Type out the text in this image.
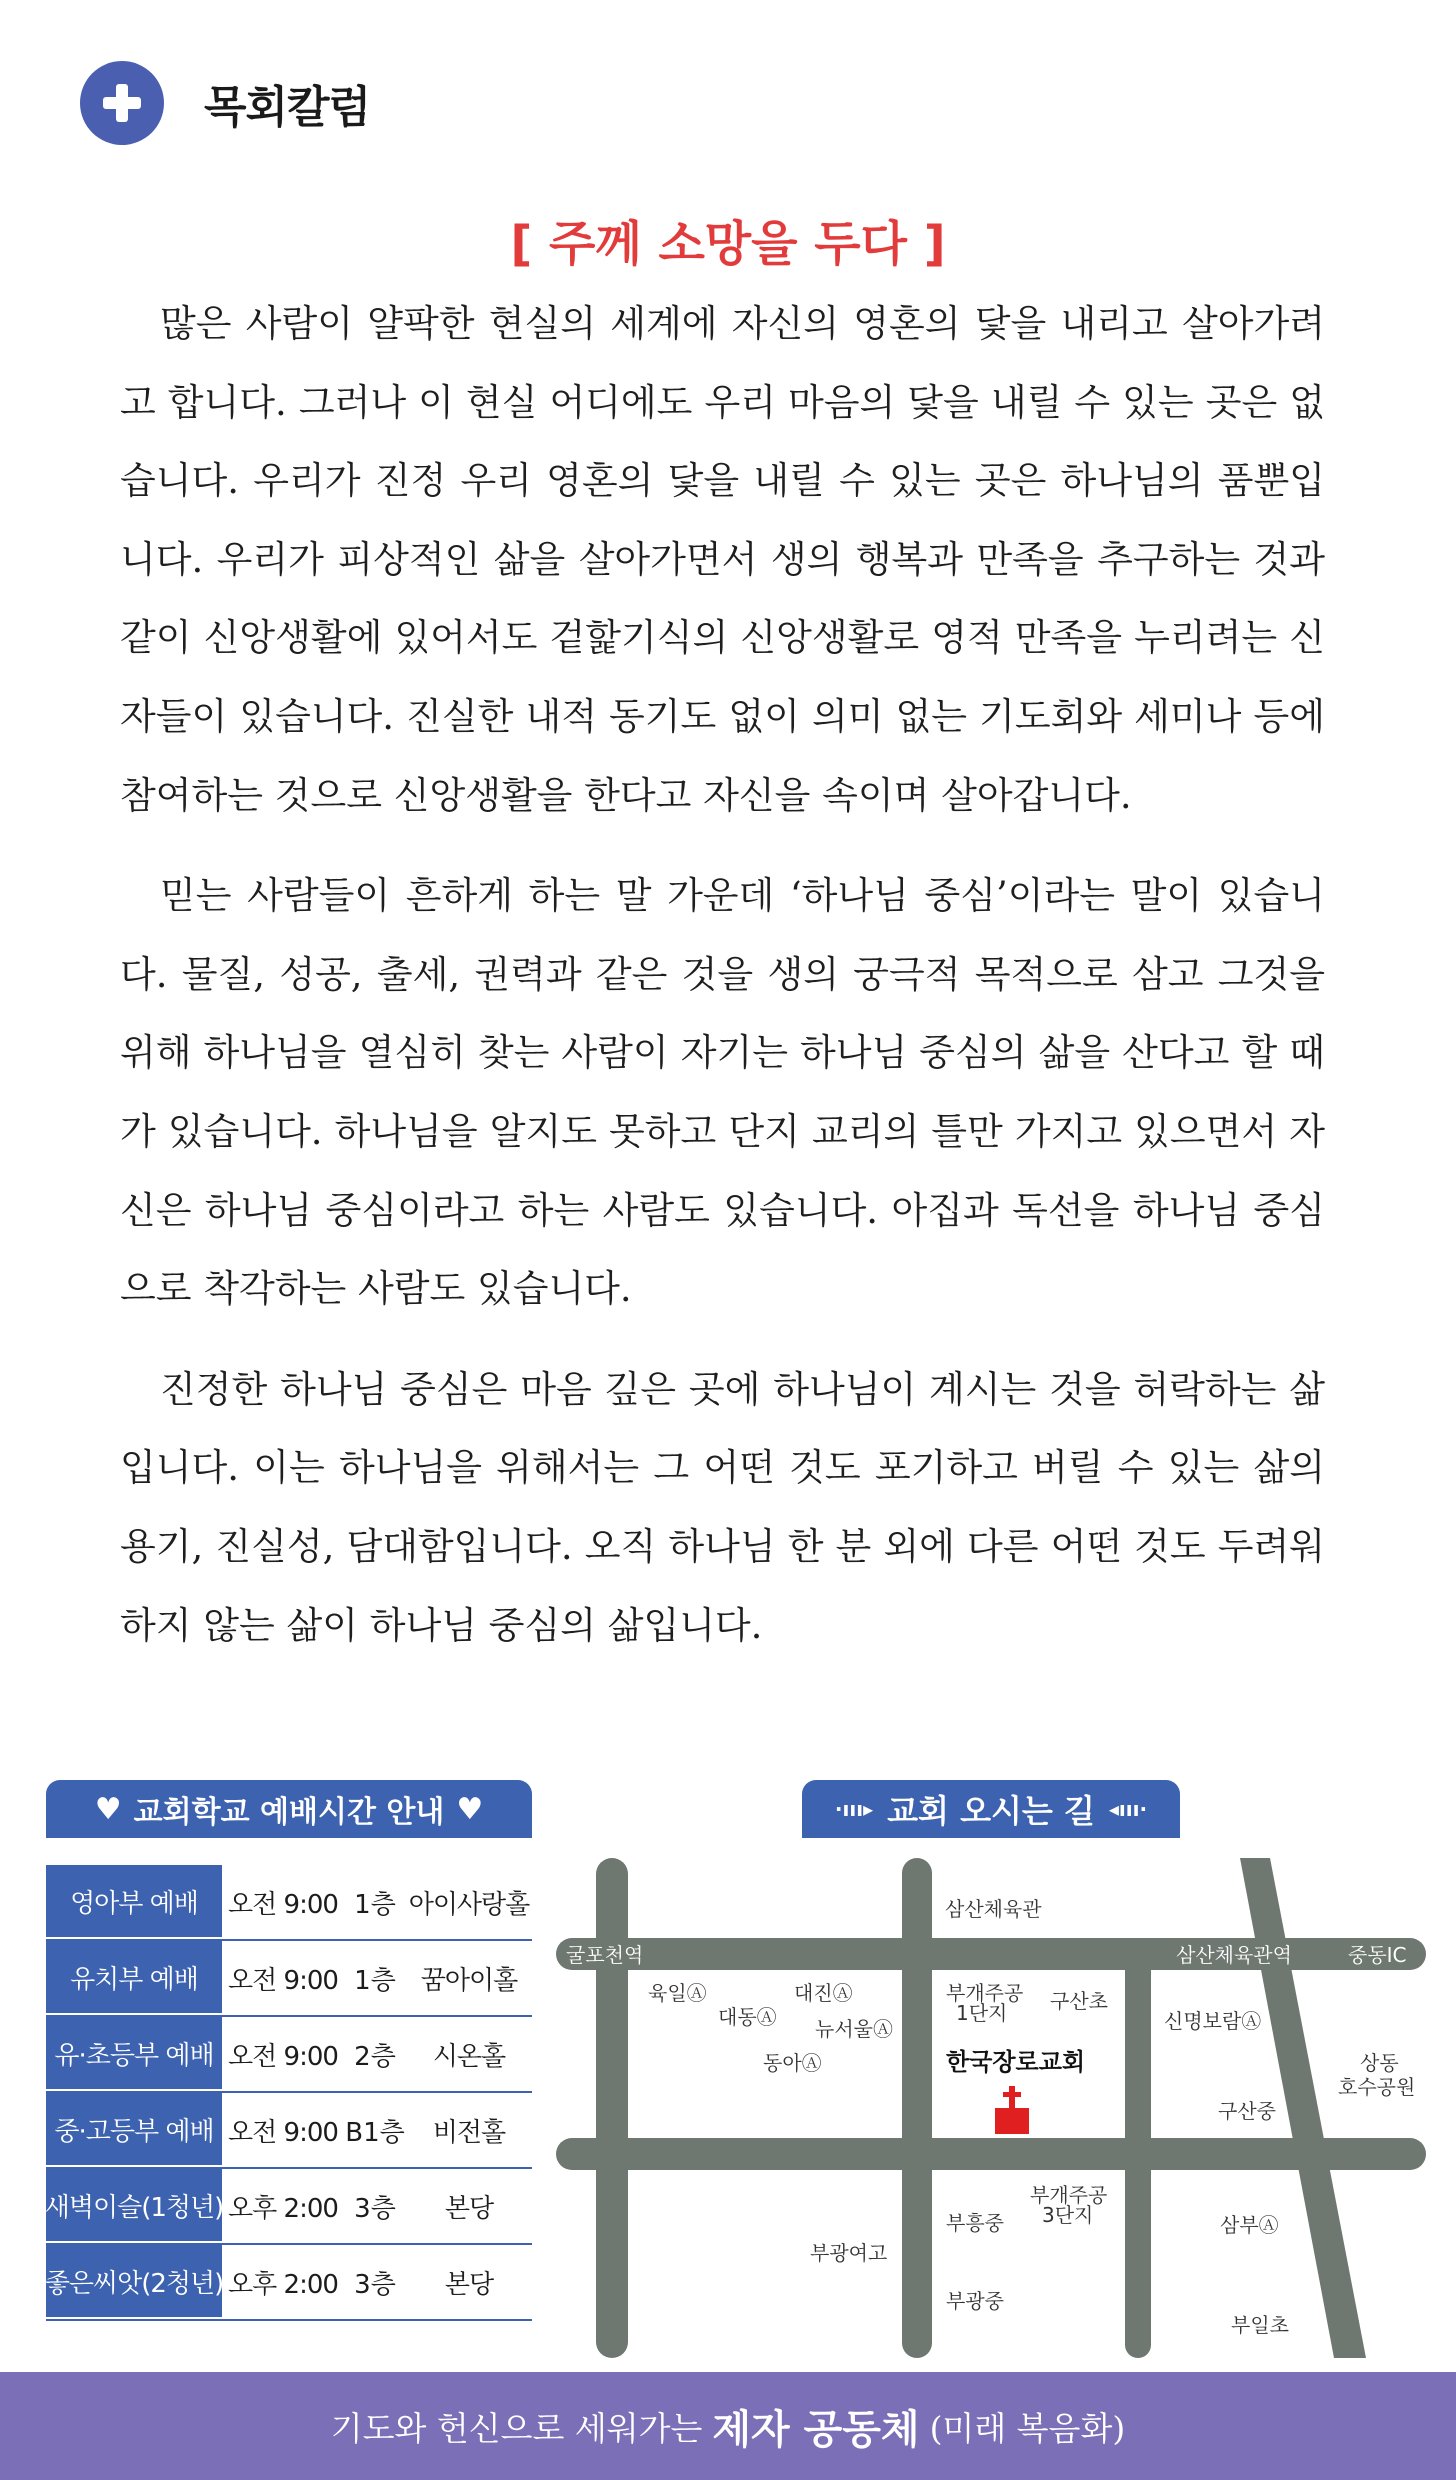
목회칼럼
[ 주께 소망을 두다 ]

많은 사람이 얄팍한 현실의 세계에 자신의 영혼의 닻을 내리고 살아가려고 합니다. 그러나 이 현실 어디에도 우리 마음의 닻을 내릴 수 있는 곳은 없습니다. 우리가 진정 우리 영혼의 닻을 내릴 수 있는 곳은 하나님의 품뿐입니다. 우리가 피상적인 삶을 살아가면서 생의 행복과 만족을 추구하는 것과 같이 신앙생활에 있어서도 겉핥기식의 신앙생활로 영적 만족을 누리려는 신자들이 있습니다. 진실한 내적 동기도 없이 의미 없는 기도회와 세미나 등에 참여하는 것으로 신앙생활을 한다고 자신을 속이며 살아갑니다.

믿는 사람들이 흔하게 하는 말 가운데 ‘하나님 중심’이라는 말이 있습니다. 물질, 성공, 출세, 권력과 같은 것을 생의 궁극적 목적으로 삼고 그것을 위해 하나님을 열심히 찾는 사람이 자기는 하나님 중심의 삶을 산다고 할 때가 있습니다. 하나님을 알지도 못하고 단지 교리의 틀만 가지고 있으면서 자신은 하나님 중심이라고 하는 사람도 있습니다. 아집과 독선을 하나님 중심으로 착각하는 사람도 있습니다.

진정한 하나님 중심은 마음 깊은 곳에 하나님이 계시는 것을 허락하는 삶입니다. 이는 하나님을 위해서는 그 어떤 것도 포기하고 버릴 수 있는 삶의 용기, 진실성, 담대함입니다. 오직 하나님 한 분 외에 다른 어떤 것도 두려워하지 않는 삶이 하나님 중심의 삶입니다.

♥ 교회학교 예배시간 안내 ♥
영아부 예배	오전 9:00 1층 아이사랑홀
유치부 예배	오전 9:00 1층 꿈아이홀
유·초등부 예배 오전 9:00 2층	시온홀
중·고등부 예배 오전 9:00 B1층	비전홀
새벽이슬(1청년) 오후 2:00 3층	본당
좋은씨앗(2청년) 오후 2:00 3층	본당
·ııı▸ 교회 오시는 길 ◂ııı·
삼산체육관
굴포천역	삼산체육관역	중동IC
육일Ⓐ	대진Ⓐ
대동Ⓐ 뉴서울Ⓐ
동아Ⓐ
부개주공
1단지 구산초
신명보람Ⓐ
한국장로교회
구산중
상동
호수공원
부개주공
3단지
부흥중
부광여고
삼부Ⓐ
부광중
부일초
기도와 헌신으로 세워가는 제자 공동체 (미래 복음화)
